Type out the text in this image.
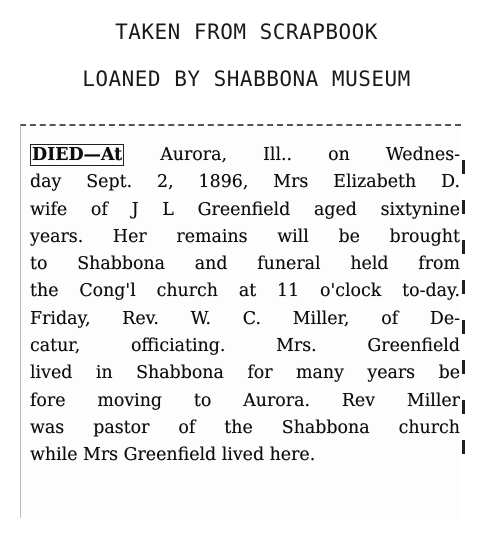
TAKEN FROM SCRAPBOOK
LOANED BY SHABBONA MUSEUM
DIED—At Aurora, Ill.. on Wednes-
day Sept. 2, 1896, Mrs Elizabeth D.
wife of J L Greenfield aged sixtynine
years. Her remains will be brought
to Shabbona and funeral held from
the Cong'l church at 11 o'clock to-day.
Friday, Rev. W. C. Miller, of De-
catur, officiating. Mrs. Greenfield
lived in Shabbona for many years be
fore moving to Aurora. Rev Miller
was pastor of the Shabbona church
while Mrs Greenfield lived here.
